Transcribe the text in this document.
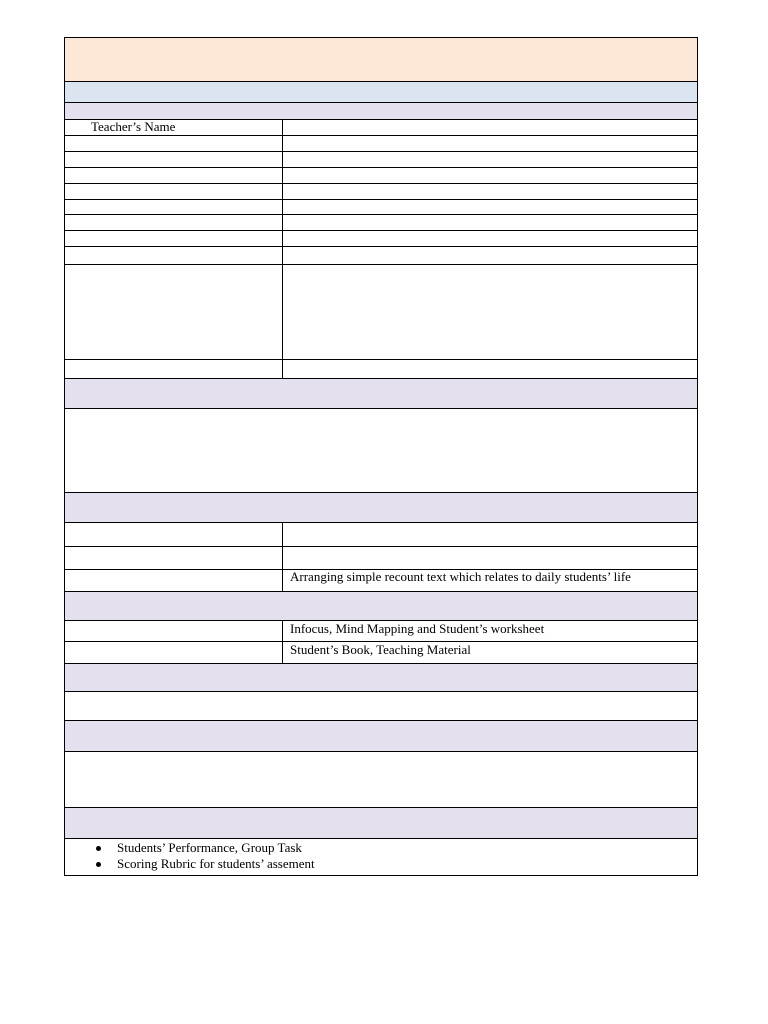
Teacher’s Name
Arranging simple recount text which relates to daily students’ life
Infocus, Mind Mapping and Student’s worksheet
Student’s Book, Teaching Material
Students’ Performance, Group Task
Scoring Rubric for students’ assement
